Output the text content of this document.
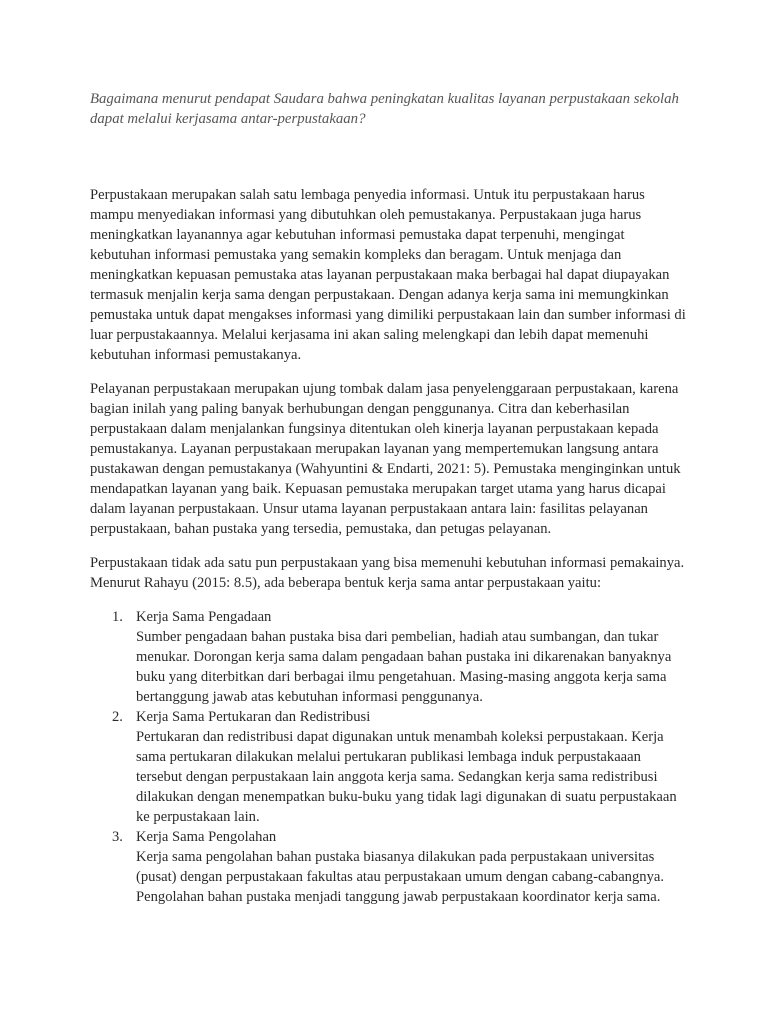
Bagaimana menurut pendapat Saudara bahwa peningkatan kualitas layanan perpustakaan sekolah dapat melalui kerjasama antar-perpustakaan?

Perpustakaan merupakan salah satu lembaga penyedia informasi. Untuk itu perpustakaan harus mampu menyediakan informasi yang dibutuhkan oleh pemustakanya. Perpustakaan juga harus meningkatkan layanannya agar kebutuhan informasi pemustaka dapat terpenuhi, mengingat kebutuhan informasi pemustaka yang semakin kompleks dan beragam. Untuk menjaga dan meningkatkan kepuasan pemustaka atas layanan perpustakaan maka berbagai hal dapat diupayakan termasuk menjalin kerja sama dengan perpustakaan. Dengan adanya kerja sama ini memungkinkan pemustaka untuk dapat mengakses informasi yang dimiliki perpustakaan lain dan sumber informasi di luar perpustakaannya. Melalui kerjasama ini akan saling melengkapi dan lebih dapat memenuhi kebutuhan informasi pemustakanya.

Pelayanan perpustakaan merupakan ujung tombak dalam jasa penyelenggaraan perpustakaan, karena bagian inilah yang paling banyak berhubungan dengan penggunanya. Citra dan keberhasilan perpustakaan dalam menjalankan fungsinya ditentukan oleh kinerja layanan perpustakaan kepada pemustakanya. Layanan perpustakaan merupakan layanan yang mempertemukan langsung antara pustakawan dengan pemustakanya (Wahyuntini & Endarti, 2021: 5). Pemustaka menginginkan untuk mendapatkan layanan yang baik. Kepuasan pemustaka merupakan target utama yang harus dicapai dalam layanan perpustakaan. Unsur utama layanan perpustakaan antara lain: fasilitas pelayanan perpustakaan, bahan pustaka yang tersedia, pemustaka, dan petugas pelayanan.

Perpustakaan tidak ada satu pun perpustakaan yang bisa memenuhi kebutuhan informasi pemakainya. Menurut Rahayu (2015: 8.5), ada beberapa bentuk kerja sama antar perpustakaan yaitu:

1. Kerja Sama Pengadaan
Sumber pengadaan bahan pustaka bisa dari pembelian, hadiah atau sumbangan, dan tukar menukar. Dorongan kerja sama dalam pengadaan bahan pustaka ini dikarenakan banyaknya buku yang diterbitkan dari berbagai ilmu pengetahuan. Masing-masing anggota kerja sama bertanggung jawab atas kebutuhan informasi penggunanya.
2. Kerja Sama Pertukaran dan Redistribusi
Pertukaran dan redistribusi dapat digunakan untuk menambah koleksi perpustakaan. Kerja sama pertukaran dilakukan melalui pertukaran publikasi lembaga induk perpustakaaan tersebut dengan perpustakaan lain anggota kerja sama. Sedangkan kerja sama redistribusi dilakukan dengan menempatkan buku-buku yang tidak lagi digunakan di suatu perpustakaan ke perpustakaan lain.
3. Kerja Sama Pengolahan
Kerja sama pengolahan bahan pustaka biasanya dilakukan pada perpustakaan universitas (pusat) dengan perpustakaan fakultas atau perpustakaan umum dengan cabang-cabangnya. Pengolahan bahan pustaka menjadi tanggung jawab perpustakaan koordinator kerja sama.
